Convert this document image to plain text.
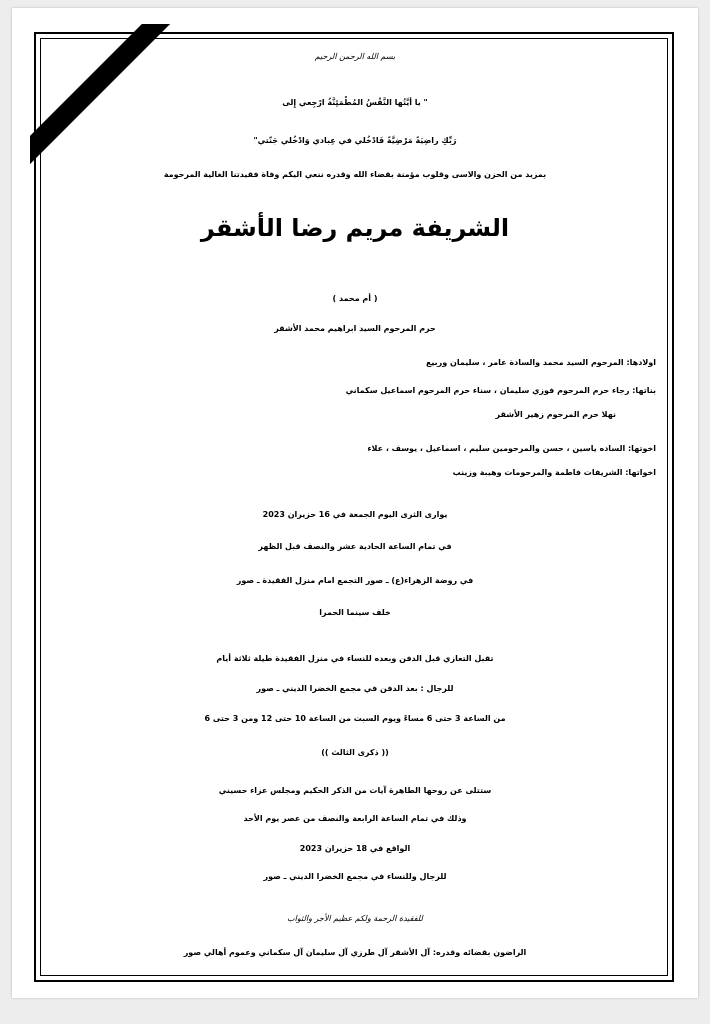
بسم الله الرحمن الرحيم
" يا أيَّتُها النَّفْسُ المُطْمَئِنَّةُ ارْجِعي إِلى
رَبِّكِ راضِيَةً مَرْضِيَّةً فَادْخُلي في عِبادي وَادْخُلي جَنّتي"
بمزيد من الحزن والاسى وقلوب مؤمنة بقضاء الله وقدره ننعي اليكم وفاة فقيدتنا الغالية المرحومة
الشريفة مريم رضا الأشقر
( أم محمد )
حرم المرحوم السيد ابراهيم محمد الأشقر
اولادها: المرحوم السيد محمد والسادة عامر ، سليمان وربيع
بناتها: رجاء حرم المرحوم فوزي سليمان ، سناء حرم المرحوم اسماعيل سكماني
نهلا حرم المرحوم زهير الأشقر
اخوتها: الساده ياسين ، حسن والمرحومين سليم ، اسماعيل ، يوسف ، علاء
اخواتها: الشريفات فاطمة والمرحومات وهيبة وزينب
يوارى الثرى اليوم الجمعة في 16 حزيران 2023
في تمام الساعة الحادية عشر والنصف قبل الظهر
في روضة الزهراء(ع) ـ صور التجمع امام منزل الفقيدة ـ صور
خلف سينما الحمرا
تقبل التعازي قبل الدفن وبعده للنساء في منزل الفقيدة طيلة ثلاثة أيام
للرجال : بعد الدفن في مجمع الخضرا الديني ـ صور
من الساعة 3 حتى 6 مساءً ويوم السبت من الساعة 10 حتى 12 ومن 3 حتى 6
(( ذكرى الثالث ))
ستتلى عن روحها الطاهرة آيات من الذكر الحكيم ومجلس عزاء حسيني
وذلك في تمام الساعة الرابعة والنصف من عصر يوم الأحد
الواقع في 18 حزيران 2023
للرجال وللنساء في مجمع الخضرا الديني ـ صور
للفقيدة الرحمة ولكم عظيم الأجر والثواب
الراضون بقضائه وقدره: آل الأشقر آل طرزي آل سليمان آل سكماني وعموم أهالي صور
